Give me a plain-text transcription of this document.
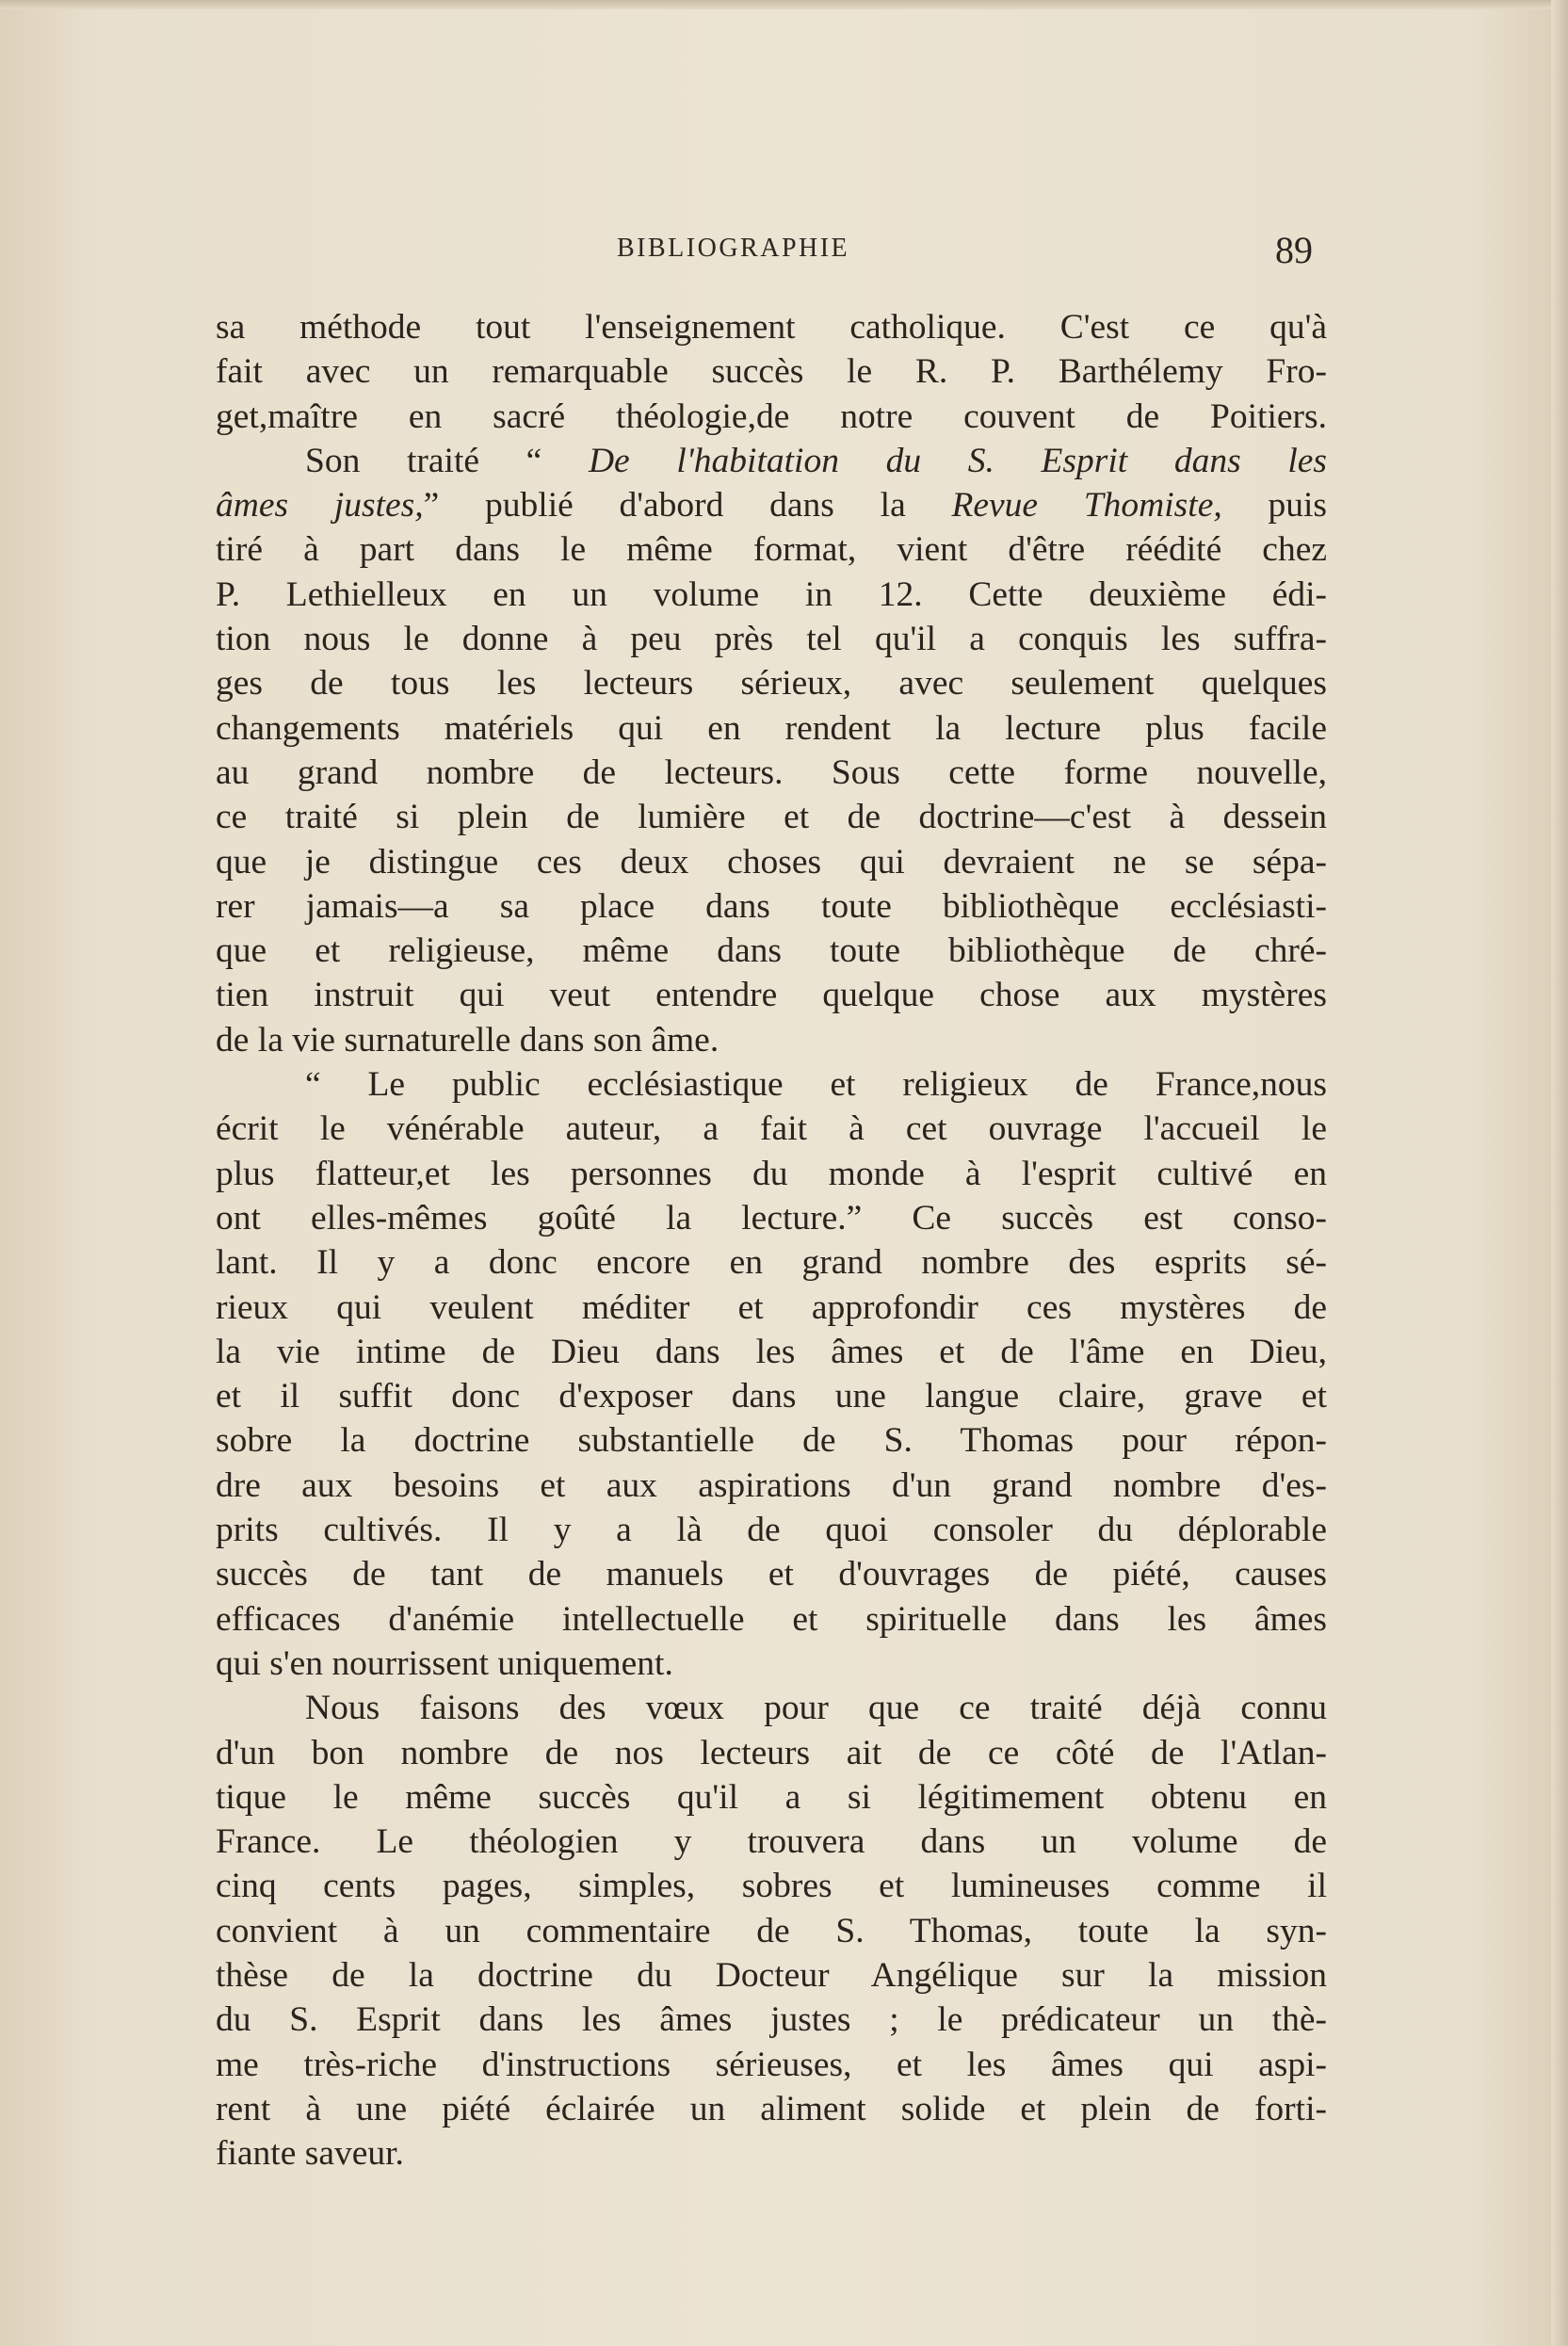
BIBLIOGRAPHIE	89
sa méthode tout l'enseignement catholique. C'est ce qu'à
fait avec un remarquable succès le R. P. Barthélemy Fro-
get,maître en sacré théologie,de notre couvent de Poitiers.
Son traité “ De l'habitation du S. Esprit dans les
âmes justes,” publié d'abord dans la Revue Thomiste, puis
tiré à part dans le même format, vient d'être réédité chez
P. Lethielleux en un volume in 12. Cette deuxième édi-
tion nous le donne à peu près tel qu'il a conquis les suffra-
ges de tous les lecteurs sérieux, avec seulement quelques
changements matériels qui en rendent la lecture plus facile
au grand nombre de lecteurs. Sous cette forme nouvelle,
ce traité si plein de lumière et de doctrine—c'est à dessein
que je distingue ces deux choses qui devraient ne se sépa-
rer jamais—a sa place dans toute bibliothèque ecclésiasti-
que et religieuse, même dans toute bibliothèque de chré-
tien instruit qui veut entendre quelque chose aux mystères
de la vie surnaturelle dans son âme.
“ Le public ecclésiastique et religieux de France,nous
écrit le vénérable auteur, a fait à cet ouvrage l'accueil le
plus flatteur,et les personnes du monde à l'esprit cultivé en
ont elles-mêmes goûté la lecture.” Ce succès est conso-
lant. Il y a donc encore en grand nombre des esprits sé-
rieux qui veulent méditer et approfondir ces mystères de
la vie intime de Dieu dans les âmes et de l'âme en Dieu,
et il suffit donc d'exposer dans une langue claire, grave et
sobre la doctrine substantielle de S. Thomas pour répon-
dre aux besoins et aux aspirations d'un grand nombre d'es-
prits cultivés. Il y a là de quoi consoler du déplorable
succès de tant de manuels et d'ouvrages de piété, causes
efficaces d'anémie intellectuelle et spirituelle dans les âmes
qui s'en nourrissent uniquement.
Nous faisons des vœux pour que ce traité déjà connu
d'un bon nombre de nos lecteurs ait de ce côté de l'Atlan-
tique le même succès qu'il a si légitimement obtenu en
France. Le théologien y trouvera dans un volume de
cinq cents pages, simples, sobres et lumineuses comme il
convient à un commentaire de S. Thomas, toute la syn-
thèse de la doctrine du Docteur Angélique sur la mission
du S. Esprit dans les âmes justes ; le prédicateur un thè-
me très-riche d'instructions sérieuses, et les âmes qui aspi-
rent à une piété éclairée un aliment solide et plein de forti-
fiante saveur.
